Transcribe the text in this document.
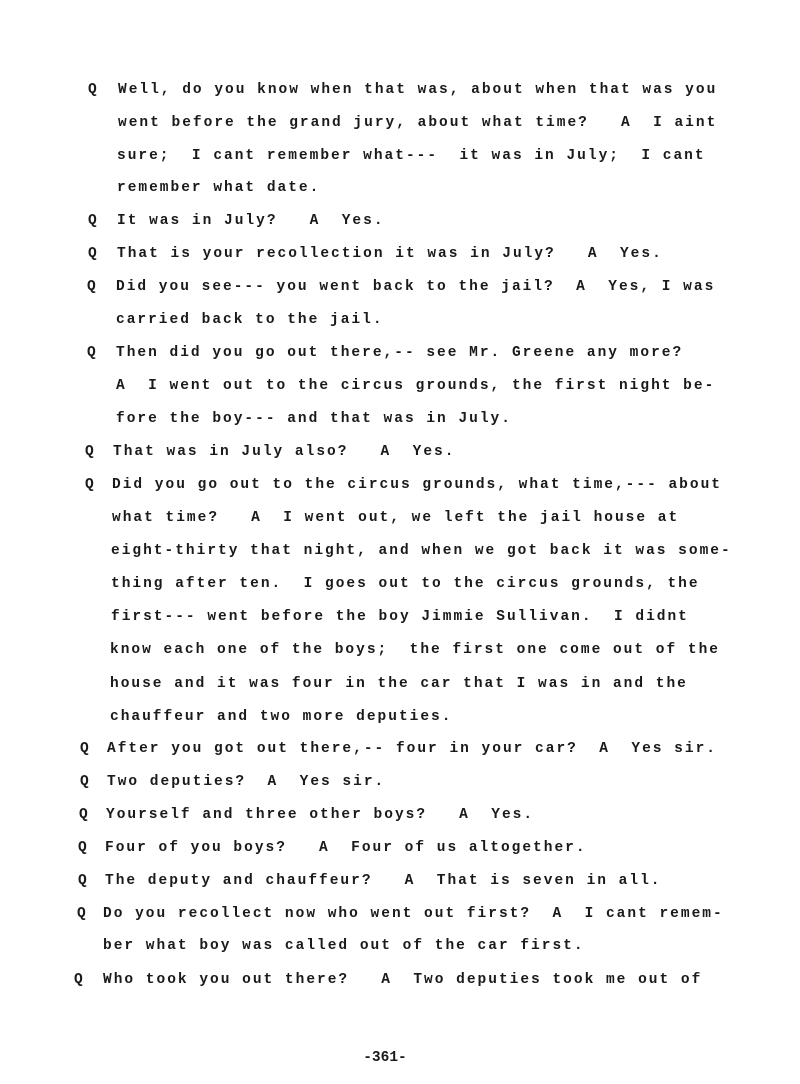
Q Well, do you know when that was, about when that was you
went before the grand jury, about what time?   A  I aint
sure;  I cant remember what---  it was in July;  I cant
remember what date.
Q It was in July?   A  Yes.
Q That is your recollection it was in July?   A  Yes.
Q Did you see--- you went back to the jail?  A  Yes, I was
carried back to the jail.
Q Then did you go out there,-- see Mr. Greene any more?
A  I went out to the circus grounds, the first night be-
fore the boy--- and that was in July.
Q That was in July also?   A  Yes.
Q Did you go out to the circus grounds, what time,--- about
what time?   A  I went out, we left the jail house at
eight-thirty that night, and when we got back it was some-
thing after ten.  I goes out to the circus grounds, the
first--- went before the boy Jimmie Sullivan.  I didnt
know each one of the boys;  the first one come out of the
house and it was four in the car that I was in and the
chauffeur and two more deputies.
Q After you got out there,-- four in your car?  A  Yes sir.
Q Two deputies?  A  Yes sir.
Q Yourself and three other boys?   A  Yes.
Q Four of you boys?   A  Four of us altogether.
Q The deputy and chauffeur?   A  That is seven in all.
Q Do you recollect now who went out first?  A  I cant remem-
ber what boy was called out of the car first.
Q Who took you out there?   A  Two deputies took me out of
-361-
